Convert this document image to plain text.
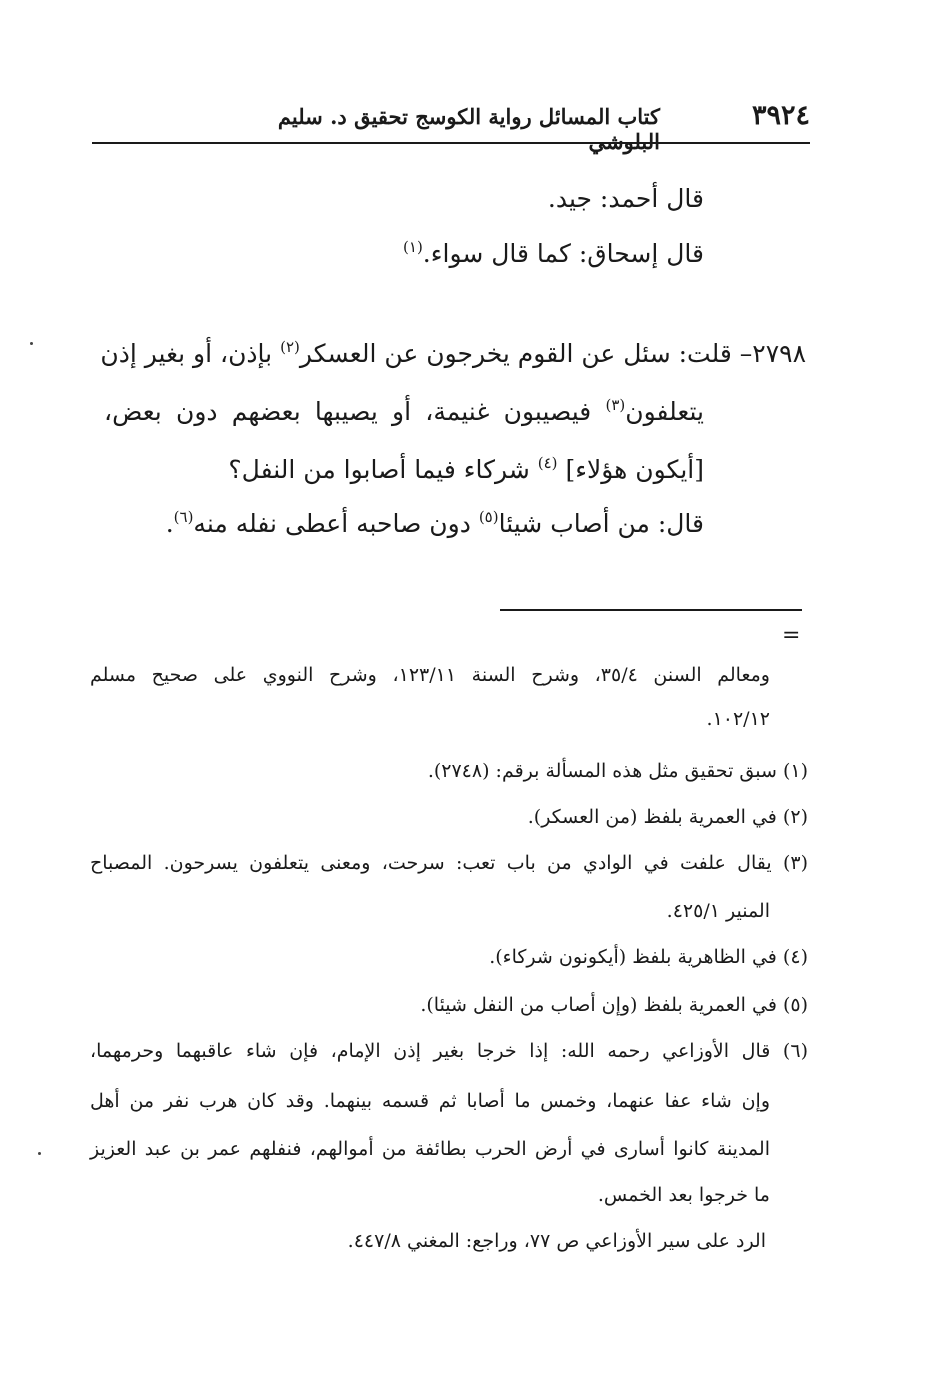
٣٩٢٤
كتاب المسائل رواية الكوسج تحقيق د. سليم البلوشي
قال أحمد: جيد.
قال إسحاق: كما قال سواء.$^{(١)}$
٢٧٩٨– قلت: سئل عن القوم يخرجون عن العسكر$^{(٢)}$ بإذن، أو بغير إذن
يتعلفون$^{(٣)}$ فيصيبون غنيمة، أو يصيبها بعضهم دون بعض،
[أيكون هؤلاء] $^{(٤)}$ شركاء فيما أصابوا من النفل؟
قال: من أصاب شيئا$^{(٥)}$ دون صاحبه أعطى نفله منه$^{(٦)}$.
=
ومعالم السنن ٣٥/٤، وشرح السنة ١٢٣/١١، وشرح النووي على صحيح مسلم
١٠٢/١٢.
(١) سبق تحقيق مثل هذه المسألة برقم: (٢٧٤٨).
(٢) في العمرية بلفظ (من العسكر).
(٣) يقال علفت في الوادي من باب تعب: سرحت، ومعنى يتعلفون يسرحون. المصباح
المنير ٤٢٥/١.
(٤) في الظاهرية بلفظ (أيكونون شركاء).
(٥) في العمرية بلفظ (وإن أصاب من النفل شيئا).
(٦) قال الأوزاعي رحمه الله: إذا خرجا بغير إذن الإمام، فإن شاء عاقبهما وحرمهما،
وإن شاء عفا عنهما، وخمس ما أصابا ثم قسمه بينهما. وقد كان هرب نفر من أهل
المدينة كانوا أسارى في أرض الحرب بطائفة من أموالهم، فنفلهم عمر بن عبد العزيز
ما خرجوا بعد الخمس.
الرد على سير الأوزاعي ص ٧٧، وراجع: المغني ٤٤٧/٨.
